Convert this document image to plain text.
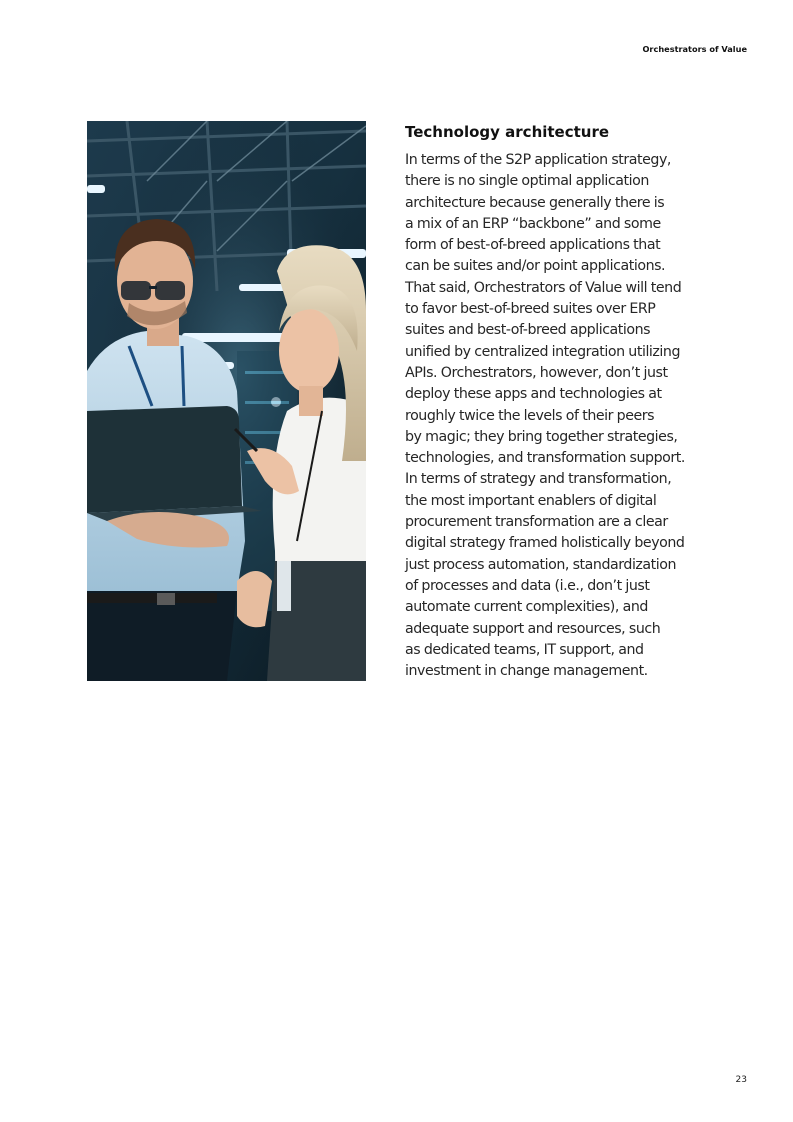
Orchestrators of Value
Technology architecture
In terms of the S2P application strategy,
there is no single optimal application
architecture because generally there is
a mix of an ERP “backbone” and some
form of best-of-breed applications that
can be suites and/or point applications.
That said, Orchestrators of Value will tend
to favor best-of-breed suites over ERP
suites and best-of-breed applications
unified by centralized integration utilizing
APIs. Orchestrators, however, don’t just
deploy these apps and technologies at
roughly twice the levels of their peers
by magic; they bring together strategies,
technologies, and transformation support.
In terms of strategy and transformation,
the most important enablers of digital
procurement transformation are a clear
digital strategy framed holistically beyond
just process automation, standardization
of processes and data (i.e., don’t just
automate current complexities), and
adequate support and resources, such
as dedicated teams, IT support, and
investment in change management.
23
